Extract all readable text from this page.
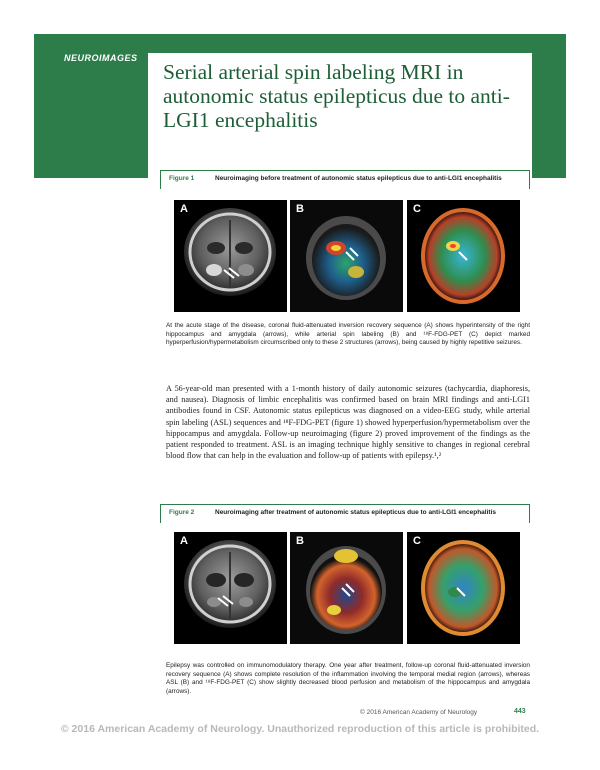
NEUROIMAGES
Serial arterial spin labeling MRI in autonomic status epilepticus due to anti-LGI1 encephalitis
Figure 1	Neuroimaging before treatment of autonomic status epilepticus due to anti-LGI1 encephalitis
A	B	C

At the acute stage of the disease, coronal fluid-attenuated inversion recovery sequence (A) shows hyperintensity of the right hippocampus and amygdala (arrows), while arterial spin labeling (B) and ¹⁸F-FDG-PET (C) depict marked hyperperfusion/hypermetabolism circumscribed only to these 2 structures (arrows), being caused by highly repetitive seizures.

A 56-year-old man presented with a 1-month history of daily autonomic seizures (tachycardia, diaphoresis, and nausea). Diagnosis of limbic encephalitis was confirmed based on brain MRI findings and anti-LGI1 antibodies found in CSF. Autonomic status epilepticus was diagnosed on a video-EEG study, while arterial spin labeling (ASL) sequences and ¹⁸F-FDG-PET (figure 1) showed hyperperfusion/hypermetabolism over the hippocampus and amygdala. Follow-up neuroimaging (figure 2) proved improvement of the findings as the patient responded to treatment. ASL is an imaging technique highly sensitive to changes in regional cerebral blood flow that can help in the evaluation and follow-up of patients with epilepsy.¹,²

Figure 2	Neuroimaging after treatment of autonomic status epilepticus due to anti-LGI1 encephalitis
A	B	C

Epilepsy was controlled on immunomodulatory therapy. One year after treatment, follow-up coronal fluid-attenuated inversion recovery sequence (A) shows complete resolution of the inflammation involving the temporal medial region (arrows), whereas ASL (B) and ¹⁸F-FDG-PET (C) show slightly decreased blood perfusion and metabolism of the hippocampus and amygdala (arrows).

© 2016 American Academy of Neurology	443
© 2016 American Academy of Neurology. Unauthorized reproduction of this article is prohibited.
